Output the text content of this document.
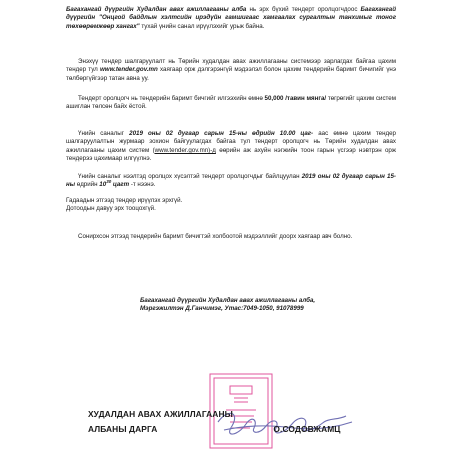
Багахангай дүүргийн Худалдан авах ажиллагааны алба нь эрх бүхий тендерт оролцогчдоос Багахангай дүүргийн "Онцгой байдлын хэлтсийн ирэдүйн гамшигаас хамгаалах сургалтын танхимыг тоног төхөөрөмжөөр хангах" тухай үнийн санал ирүүлэхийг урьж байна.

Энэхүү тендер шалгаруулалт нь Төрийн худалдан авах ажиллагааны системээр зарлагдах байгаа цахим тендер тул www.tender.gov.mn хаягаар орж дэлгэрэнгүй мэдээлэл болон цахим тендерийн баримт бичигийг үнэ төлбөргүйгээр татан авна уу.

Тендерт оролцогч нь тендерийн баримт бичгийг илгээхийн өмнө 50,000 /тавин мянга/ төгрөгийг цахим систем ашиглан төлсөн байх ёстой.

Үнийн саналыг 2019 оны 02 дугаар сарын 15-ны өдрийн 10.00 цаг- аас өмнө цахим тендер шалгаруулалтын журмаар зохион байгуулагдах байгаа тул тендерт оролцогч нь Төрийн худалдан авах ажиллагааны цахим систем (www.tender.gov.mn)-д өөрийн аж ахуйн нэгжийн тоон гарын үсгээр нэвтрэн орж тендерээ цахимаар илгүүлнэ.

Үнийн саналыг нээлтэд оролцох хүсэлтэй тендерт оролцогчдыг байлцуулан 2019 оны 02 дугаар сарын 15-ны өдрийн $10^{30}$ цагт -т нээнэ.

Гадаадын этгээд тендер ирүүлэх эрхгүй.
Дотоодын давуу эрх тооцохгүй.

Сонирхсон этгээд тендерийн баримт бичигтэй холбоотой мэдээллийг доорх хаягаар авч болно.

Багахангай дүүргийн Худалдан авах ажиллагааны алба,
Мэргэжилтэн Д.Ганчимэг, Утас:7049-1050, 91078999
ХУДАЛДАН АВАХ АЖИЛЛАГААНЫ
АЛБАНЫ ДАРГА	О.СОДОВЖАМЦ
